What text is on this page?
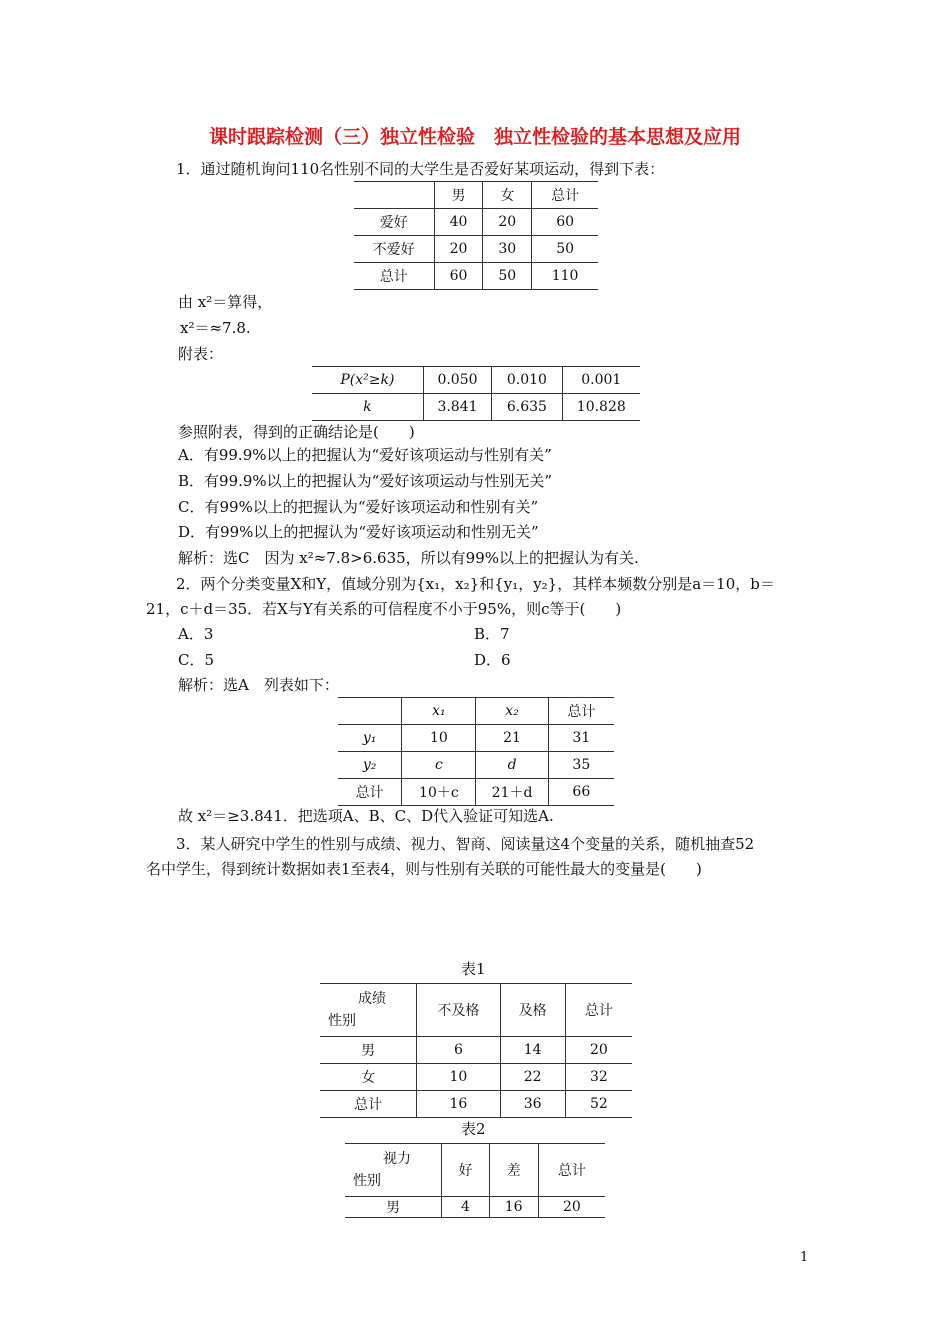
课时跟踪检测（三）独立性检验　独立性检验的基本思想及应用
1．通过随机询问110名性别不同的大学生是否爱好某项运动，得到下表：
	男	女	总计
爱好	40	20	60
不爱好	20	30	50
总计	60	50	110
由 x²＝算得，
x²＝≈7.8.
附表：
P(x²≥k)	0.050	0.010	0.001
k	3.841	6.635	10.828
参照附表，得到的正确结论是(　　)
A．有99.9%以上的把握认为“爱好该项运动与性别有关”
B．有99.9%以上的把握认为“爱好该项运动与性别无关”
C．有99%以上的把握认为“爱好该项运动和性别有关”
D．有99%以上的把握认为“爱好该项运动和性别无关”
解析：选C　因为 x²≈7.8>6.635，所以有99%以上的把握认为有关.
2．两个分类变量X和Y，值域分别为{x₁，x₂}和{y₁，y₂}，其样本频数分别是a＝10，b＝
21，c＋d＝35．若X与Y有关系的可信程度不小于95%，则c等于(　　)
A．3	B．7
C．5	D．6
解析：选A　列表如下：
	x₁	x₂	总计
y₁	10	21	31
y₂	c	d	35
总计	10＋c	21＋d	66
故 x²＝≥3.841．把选项A、B、C、D代入验证可知选A.
3．某人研究中学生的性别与成绩、视力、智商、阅读量这4个变量的关系，随机抽查52
名中学生，得到统计数据如表1至表4，则与性别有关联的可能性最大的变量是(　　)
表1
成绩
性别	不及格	及格	总计
男	6	14	20
女	10	22	32
总计	16	36	52
表2
视力
性别	好	差	总计
男	4	16	20
1
